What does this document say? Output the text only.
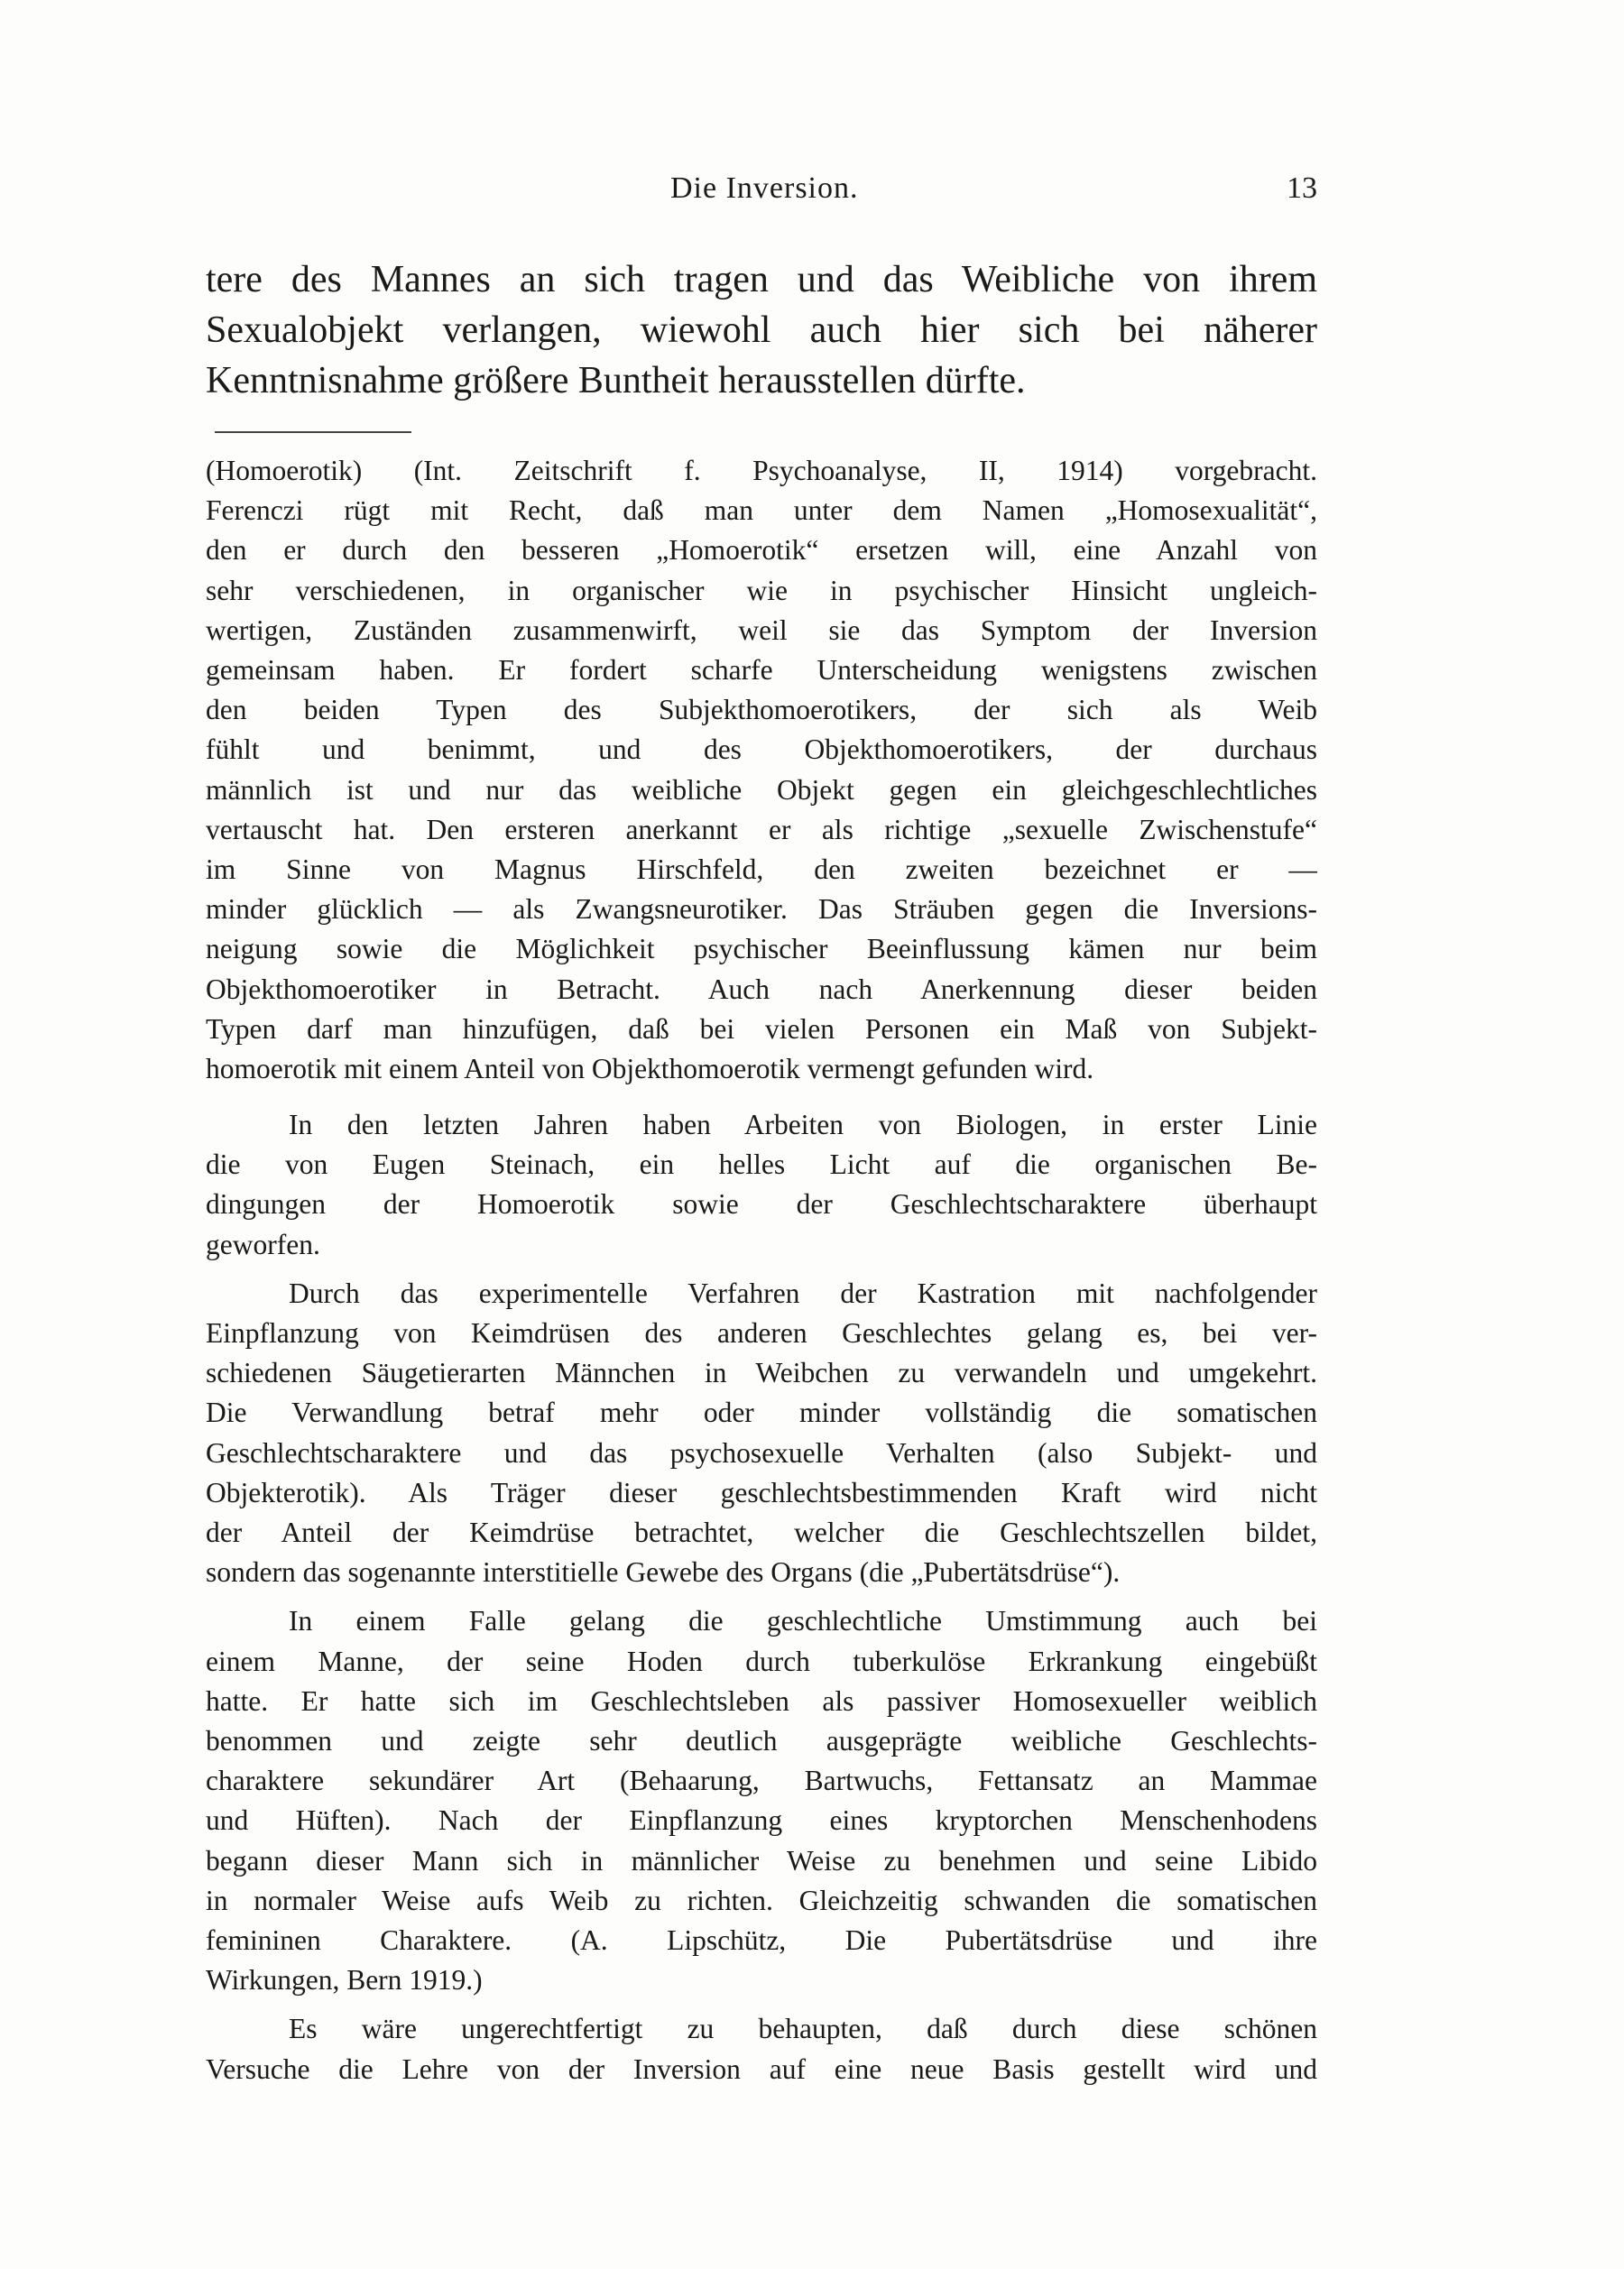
Die Inversion.	13
tere des Mannes an sich tragen und das Weibliche von ihrem
Sexualobjekt verlangen, wiewohl auch hier sich bei näherer
Kenntnisnahme größere Buntheit herausstellen dürfte.
(Homoerotik) (Int. Zeitschrift f. Psychoanalyse, II, 1914) vorgebracht.
Ferenczi rügt mit Recht, daß man unter dem Namen „Homosexualität“,
den er durch den besseren „Homoerotik“ ersetzen will, eine Anzahl von
sehr verschiedenen, in organischer wie in psychischer Hinsicht ungleich-
wertigen, Zuständen zusammenwirft, weil sie das Symptom der Inversion
gemeinsam haben. Er fordert scharfe Unterscheidung wenigstens zwischen
den beiden Typen des Subjekthomoerotikers, der sich als Weib
fühlt und benimmt, und des Objekthomoerotikers, der durchaus
männlich ist und nur das weibliche Objekt gegen ein gleichgeschlechtliches
vertauscht hat. Den ersteren anerkannt er als richtige „sexuelle Zwischenstufe“
im Sinne von Magnus Hirschfeld, den zweiten bezeichnet er —
minder glücklich — als Zwangsneurotiker. Das Sträuben gegen die Inversions-
neigung sowie die Möglichkeit psychischer Beeinflussung kämen nur beim
Objekthomoerotiker in Betracht. Auch nach Anerkennung dieser beiden
Typen darf man hinzufügen, daß bei vielen Personen ein Maß von Subjekt-
homoerotik mit einem Anteil von Objekthomoerotik vermengt gefunden wird.

In den letzten Jahren haben Arbeiten von Biologen, in erster Linie
die von Eugen Steinach, ein helles Licht auf die organischen Be-
dingungen der Homoerotik sowie der Geschlechtscharaktere überhaupt
geworfen.

Durch das experimentelle Verfahren der Kastration mit nachfolgender
Einpflanzung von Keimdrüsen des anderen Geschlechtes gelang es, bei ver-
schiedenen Säugetierarten Männchen in Weibchen zu verwandeln und umgekehrt.
Die Verwandlung betraf mehr oder minder vollständig die somatischen
Geschlechtscharaktere und das psychosexuelle Verhalten (also Subjekt- und
Objekterotik). Als Träger dieser geschlechtsbestimmenden Kraft wird nicht
der Anteil der Keimdrüse betrachtet, welcher die Geschlechtszellen bildet,
sondern das sogenannte interstitielle Gewebe des Organs (die „Pubertätsdrüse“).

In einem Falle gelang die geschlechtliche Umstimmung auch bei
einem Manne, der seine Hoden durch tuberkulöse Erkrankung eingebüßt
hatte. Er hatte sich im Geschlechtsleben als passiver Homosexueller weiblich
benommen und zeigte sehr deutlich ausgeprägte weibliche Geschlechts-
charaktere sekundärer Art (Behaarung, Bartwuchs, Fettansatz an Mammae
und Hüften). Nach der Einpflanzung eines kryptorchen Menschenhodens
begann dieser Mann sich in männlicher Weise zu benehmen und seine Libido
in normaler Weise aufs Weib zu richten. Gleichzeitig schwanden die somatischen
femininen Charaktere. (A. Lipschütz, Die Pubertätsdrüse und ihre
Wirkungen, Bern 1919.)

Es wäre ungerechtfertigt zu behaupten, daß durch diese schönen
Versuche die Lehre von der Inversion auf eine neue Basis gestellt wird und
